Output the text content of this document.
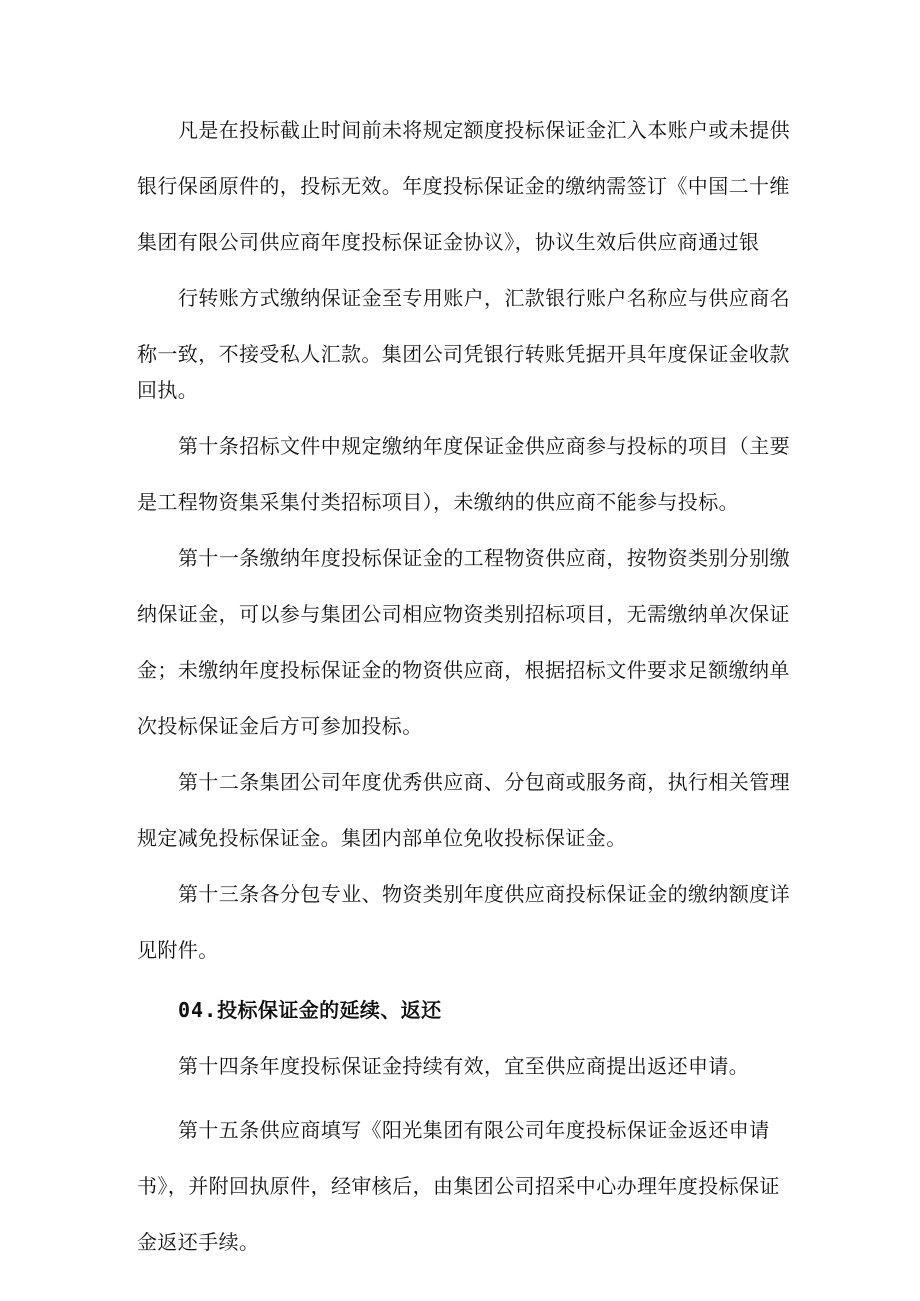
凡是在投标截止时间前未将规定额度投标保证金汇入本账户或未提供
银行保函原件的，投标无效。年度投标保证金的缴纳需签订《中国二十维
集团有限公司供应商年度投标保证金协议》，协议生效后供应商通过银
行转账方式缴纳保证金至专用账户，汇款银行账户名称应与供应商名
称一致，不接受私人汇款。集团公司凭银行转账凭据开具年度保证金收款
回执。
第十条招标文件中规定缴纳年度保证金供应商参与投标的项目（主要
是工程物资集采集付类招标项目），未缴纳的供应商不能参与投标。
第十一条缴纳年度投标保证金的工程物资供应商，按物资类别分别缴
纳保证金，可以参与集团公司相应物资类别招标项目，无需缴纳单次保证
金；未缴纳年度投标保证金的物资供应商，根据招标文件要求足额缴纳单
次投标保证金后方可参加投标。
第十二条集团公司年度优秀供应商、分包商或服务商，执行相关管理
规定减免投标保证金。集团内部单位免收投标保证金。
第十三条各分包专业、物资类别年度供应商投标保证金的缴纳额度详
见附件。
04.投标保证金的延续、返还
第十四条年度投标保证金持续有效，宜至供应商提出返还申请。
第十五条供应商填写《阳光集团有限公司年度投标保证金返还申请
书》，并附回执原件，经审核后，由集团公司招采中心办理年度投标保证
金返还手续。
